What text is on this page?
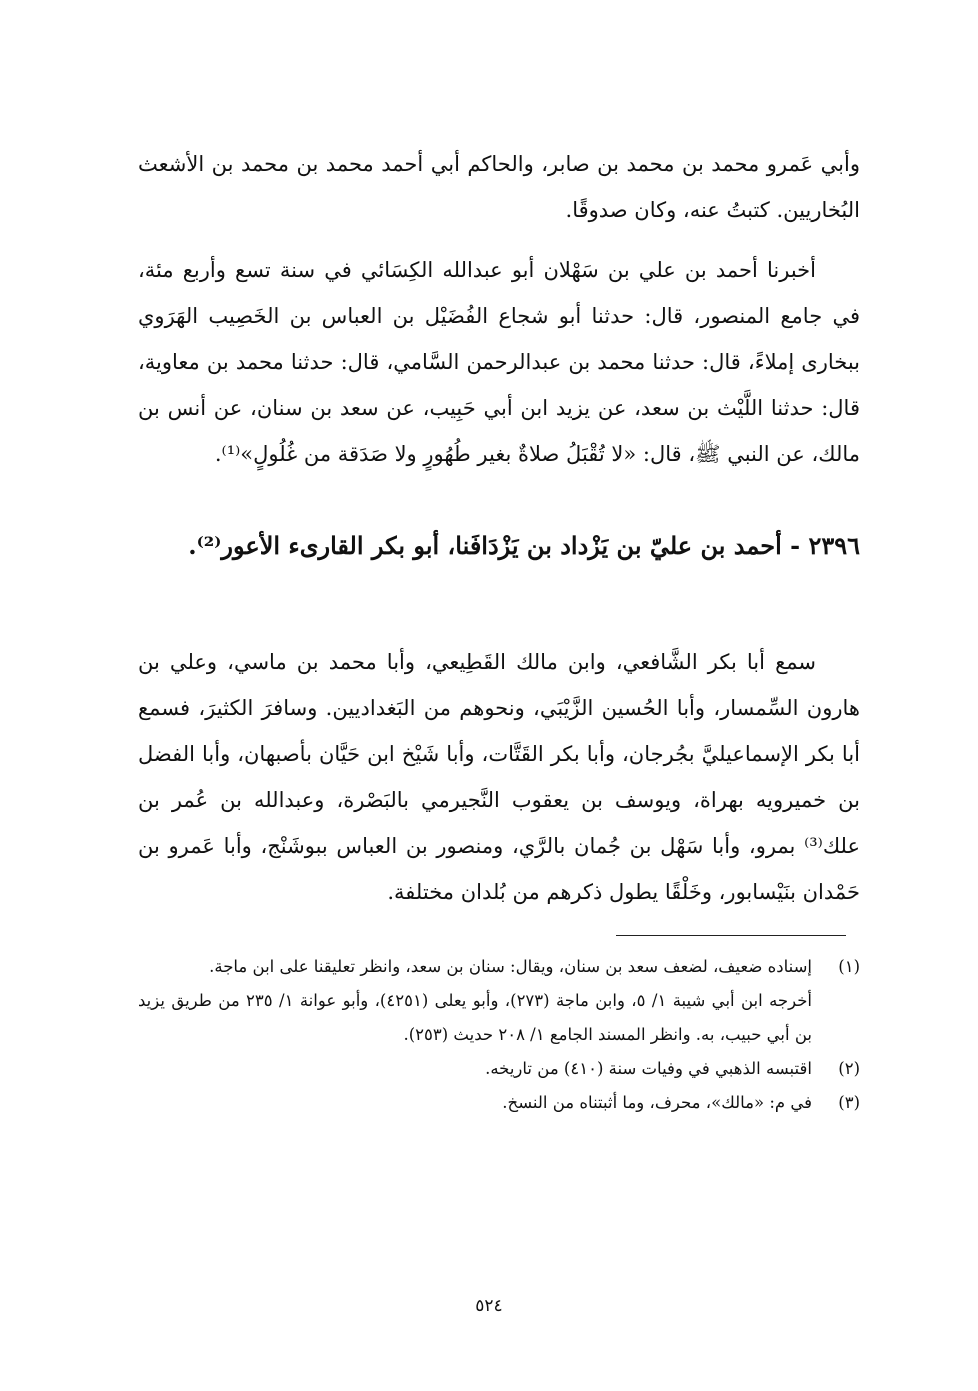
وأبي عَمرو محمد بن محمد بن صابر، والحاكم أبي أحمد محمد بن محمد بن الأشعث البُخاريين. كتبتُ عنه، وكان صدوقًا.

أخبرنا أحمد بن علي بن سَهْلان أبو عبدالله الكِسَائي في سنة تسع وأربع مئة، في جامع المنصور، قال: حدثنا أبو شجاع الفُضَيْل بن العباس بن الخَصِيب الهَرَوي ببخارى إملاءً، قال: حدثنا محمد بن عبدالرحمن السَّامي، قال: حدثنا محمد بن معاوية، قال: حدثنا اللَّيْث بن سعد، عن يزيد ابن أبي حَبِيب، عن سعد بن سنان، عن أنس بن مالك، عن النبي ﷺ، قال: «لا تُقْبَلُ صلاةٌ بغير طُهُورٍ ولا صَدَقة من غُلُولٍ»⁽¹⁾.

٢٣٩٦ - أحمد بن عليّ بن يَزْداد بن يَزْدَافَنا، أبو بكر القارىء الأعور⁽²⁾.

سمع أبا بكر الشَّافعي، وابن مالك القَطِيعي، وأبا محمد بن ماسي، وعلي بن هارون السِّمسار، وأبا الحُسين الزَّيْبَي، ونحوهم من البَغداديين. وسافرَ الكثيرَ، فسمع أبا بكر الإسماعيليَّ بجُرجان، وأبا بكر القَتَّات، وأبا شَيْخ ابن حَيَّان بأصبهان، وأبا الفضل بن خميرويه بهراة، ويوسف بن يعقوب النَّجيرمي بالبَصْرة، وعبدالله بن عُمر بن علك⁽³⁾ بمرو، وأبا سَهْل بن جُمان بالرَّي، ومنصور بن العباس ببوشَنْج، وأبا عَمرو بن حَمْدان بنَيْسابور، وخَلْقًا يطول ذكرهم من بُلدان مختلفة.

(١)
إسناده ضعيف، لضعف سعد بن سنان، ويقال: سنان بن سعد، وانظر تعليقنا على ابن ماجة.
أخرجه ابن أبي شيبة ١/ ٥، وابن ماجة (٢٧٣)، وأبو يعلى (٤٢٥١)، وأبو عوانة ١/ ٢٣٥ من طريق يزيد بن أبي حبيب، به. وانظر المسند الجامع ١/ ٢٠٨ حديث (٢٥٣).
(٢)
اقتبسه الذهبي في وفيات سنة (٤١٠) من تاريخه.
(٣)
في م: «مالك»، محرف، وما أثبتناه من النسخ.
٥٢٤
